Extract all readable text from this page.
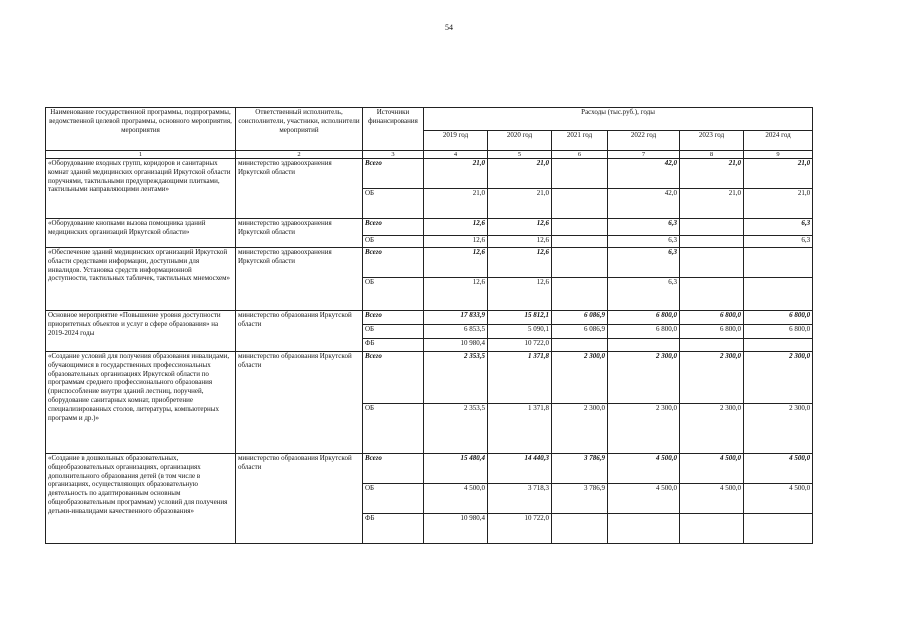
54
Наименование государственной программы, подпрограммы, ведомственной целевой программы, основного мероприятия, мероприятия	Ответственный исполнитель, соисполнители, участники, исполнители мероприятий	Источники финансирования	Расходы (тыс.руб.), годы					
			2019 год	2020 год	2021 год	2022 год	2023 год	2024 год
1	2	3	4	5	6	7	8	9
«Оборудование входных групп, коридоров и санитарных комнат зданий медицинских организаций Иркутской области поручнями, тактильными предупреждающими плитками, тактильными направляющими лентами»	министерство здравоохранения Иркутской области	Всего	21,0	21,0		42,0	21,0	21,0
		ОБ	21,0	21,0		42,0	21,0	21,0
«Оборудование кнопками вызова помощника зданий медицинских организаций Иркутской области»	министерство здравоохранения Иркутской области	Всего	12,6	12,6		6,3		6,3
		ОБ	12,6	12,6		6,3		6,3
«Обеспечение зданий медицинских организаций Иркутской области средствами информации, доступными для инвалидов. Установка средств информационной доступности, тактильных табличек, тактильных мнемосхем»	министерство здравоохранения Иркутской области	Всего	12,6	12,6		6,3		
		ОБ	12,6	12,6		6,3		
Основное мероприятие «Повышение уровня доступности приоритетных объектов и услуг в сфере образования» на 2019-2024 годы	министерство образования Иркутской области	Всего	17 833,9	15 812,1	6 086,9	6 800,0	6 800,0	6 800,0
		ОБ	6 853,5	5 090,1	6 086,9	6 800,0	6 800,0	6 800,0
		ФБ	10 980,4	10 722,0				
«Создание условий для получения образования инвалидами, обучающимися в государственных профессиональных образовательных организациях Иркутской области по программам среднего профессионального образования (приспособление внутри зданий лестниц, поручней, оборудование санитарных комнат, приобретение специализированных столов, литературы, компьютерных программ и др.)»	министерство образования Иркутской области	Всего	2 353,5	1 371,8	2 300,0	2 300,0	2 300,0	2 300,0
		ОБ	2 353,5	1 371,8	2 300,0	2 300,0	2 300,0	2 300,0
«Создание в дошкольных образовательных, общеобразовательных организациях, организациях дополнительного образования детей (в том числе в организациях, осуществляющих образовательную деятельность по адаптированным основным общеобразовательным программам) условий для получения детьми-инвалидами качественного образования»	министерство образования Иркутской области	Всего	15 480,4	14 440,3	3 786,9	4 500,0	4 500,0	4 500,0
		ОБ	4 500,0	3 718,3	3 786,9	4 500,0	4 500,0	4 500,0
		ФБ	10 980,4	10 722,0				
